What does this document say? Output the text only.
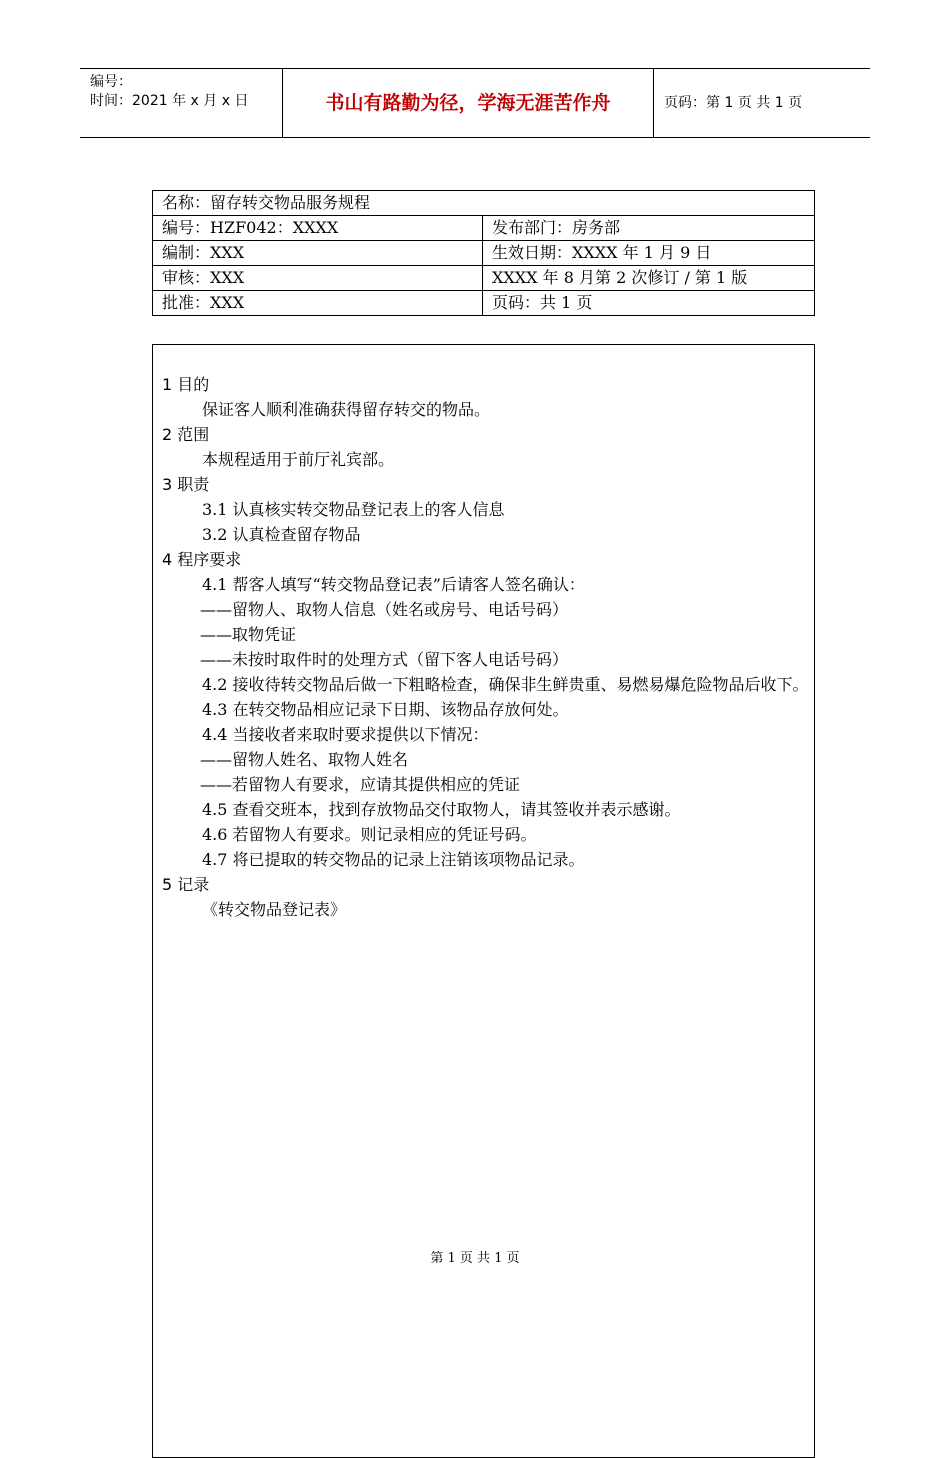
编号：
时间：2021 年 x 月 x 日	书山有路勤为径，学海无涯苦作舟	页码：第 1 页 共 1 页
名称：留存转交物品服务规程	
编号：HZF042：XXXX	发布部门：房务部
编制：XXX	生效日期：XXXX 年 1 月 9 日
审核：XXX	XXXX 年 8 月第 2 次修订 / 第 1 版
批准：XXX	页码：共 1 页
1 目的
保证客人顺利准确获得留存转交的物品。
2 范围
本规程适用于前厅礼宾部。
3 职责
3.1 认真核实转交物品登记表上的客人信息
3.2 认真检查留存物品
4 程序要求
4.1 帮客人填写“转交物品登记表”后请客人签名确认：
——留物人、取物人信息（姓名或房号、电话号码）
——取物凭证
——未按时取件时的处理方式（留下客人电话号码）
4.2 接收待转交物品后做一下粗略检查，确保非生鲜贵重、易燃易爆危险物品后收下。
4.3 在转交物品相应记录下日期、该物品存放何处。
4.4 当接收者来取时要求提供以下情况：
——留物人姓名、取物人姓名
——若留物人有要求，应请其提供相应的凭证
4.5 查看交班本，找到存放物品交付取物人，请其签收并表示感谢。
4.6 若留物人有要求。则记录相应的凭证号码。
4.7 将已提取的转交物品的记录上注销该项物品记录。
5 记录
《转交物品登记表》
第 1 页 共 1 页
